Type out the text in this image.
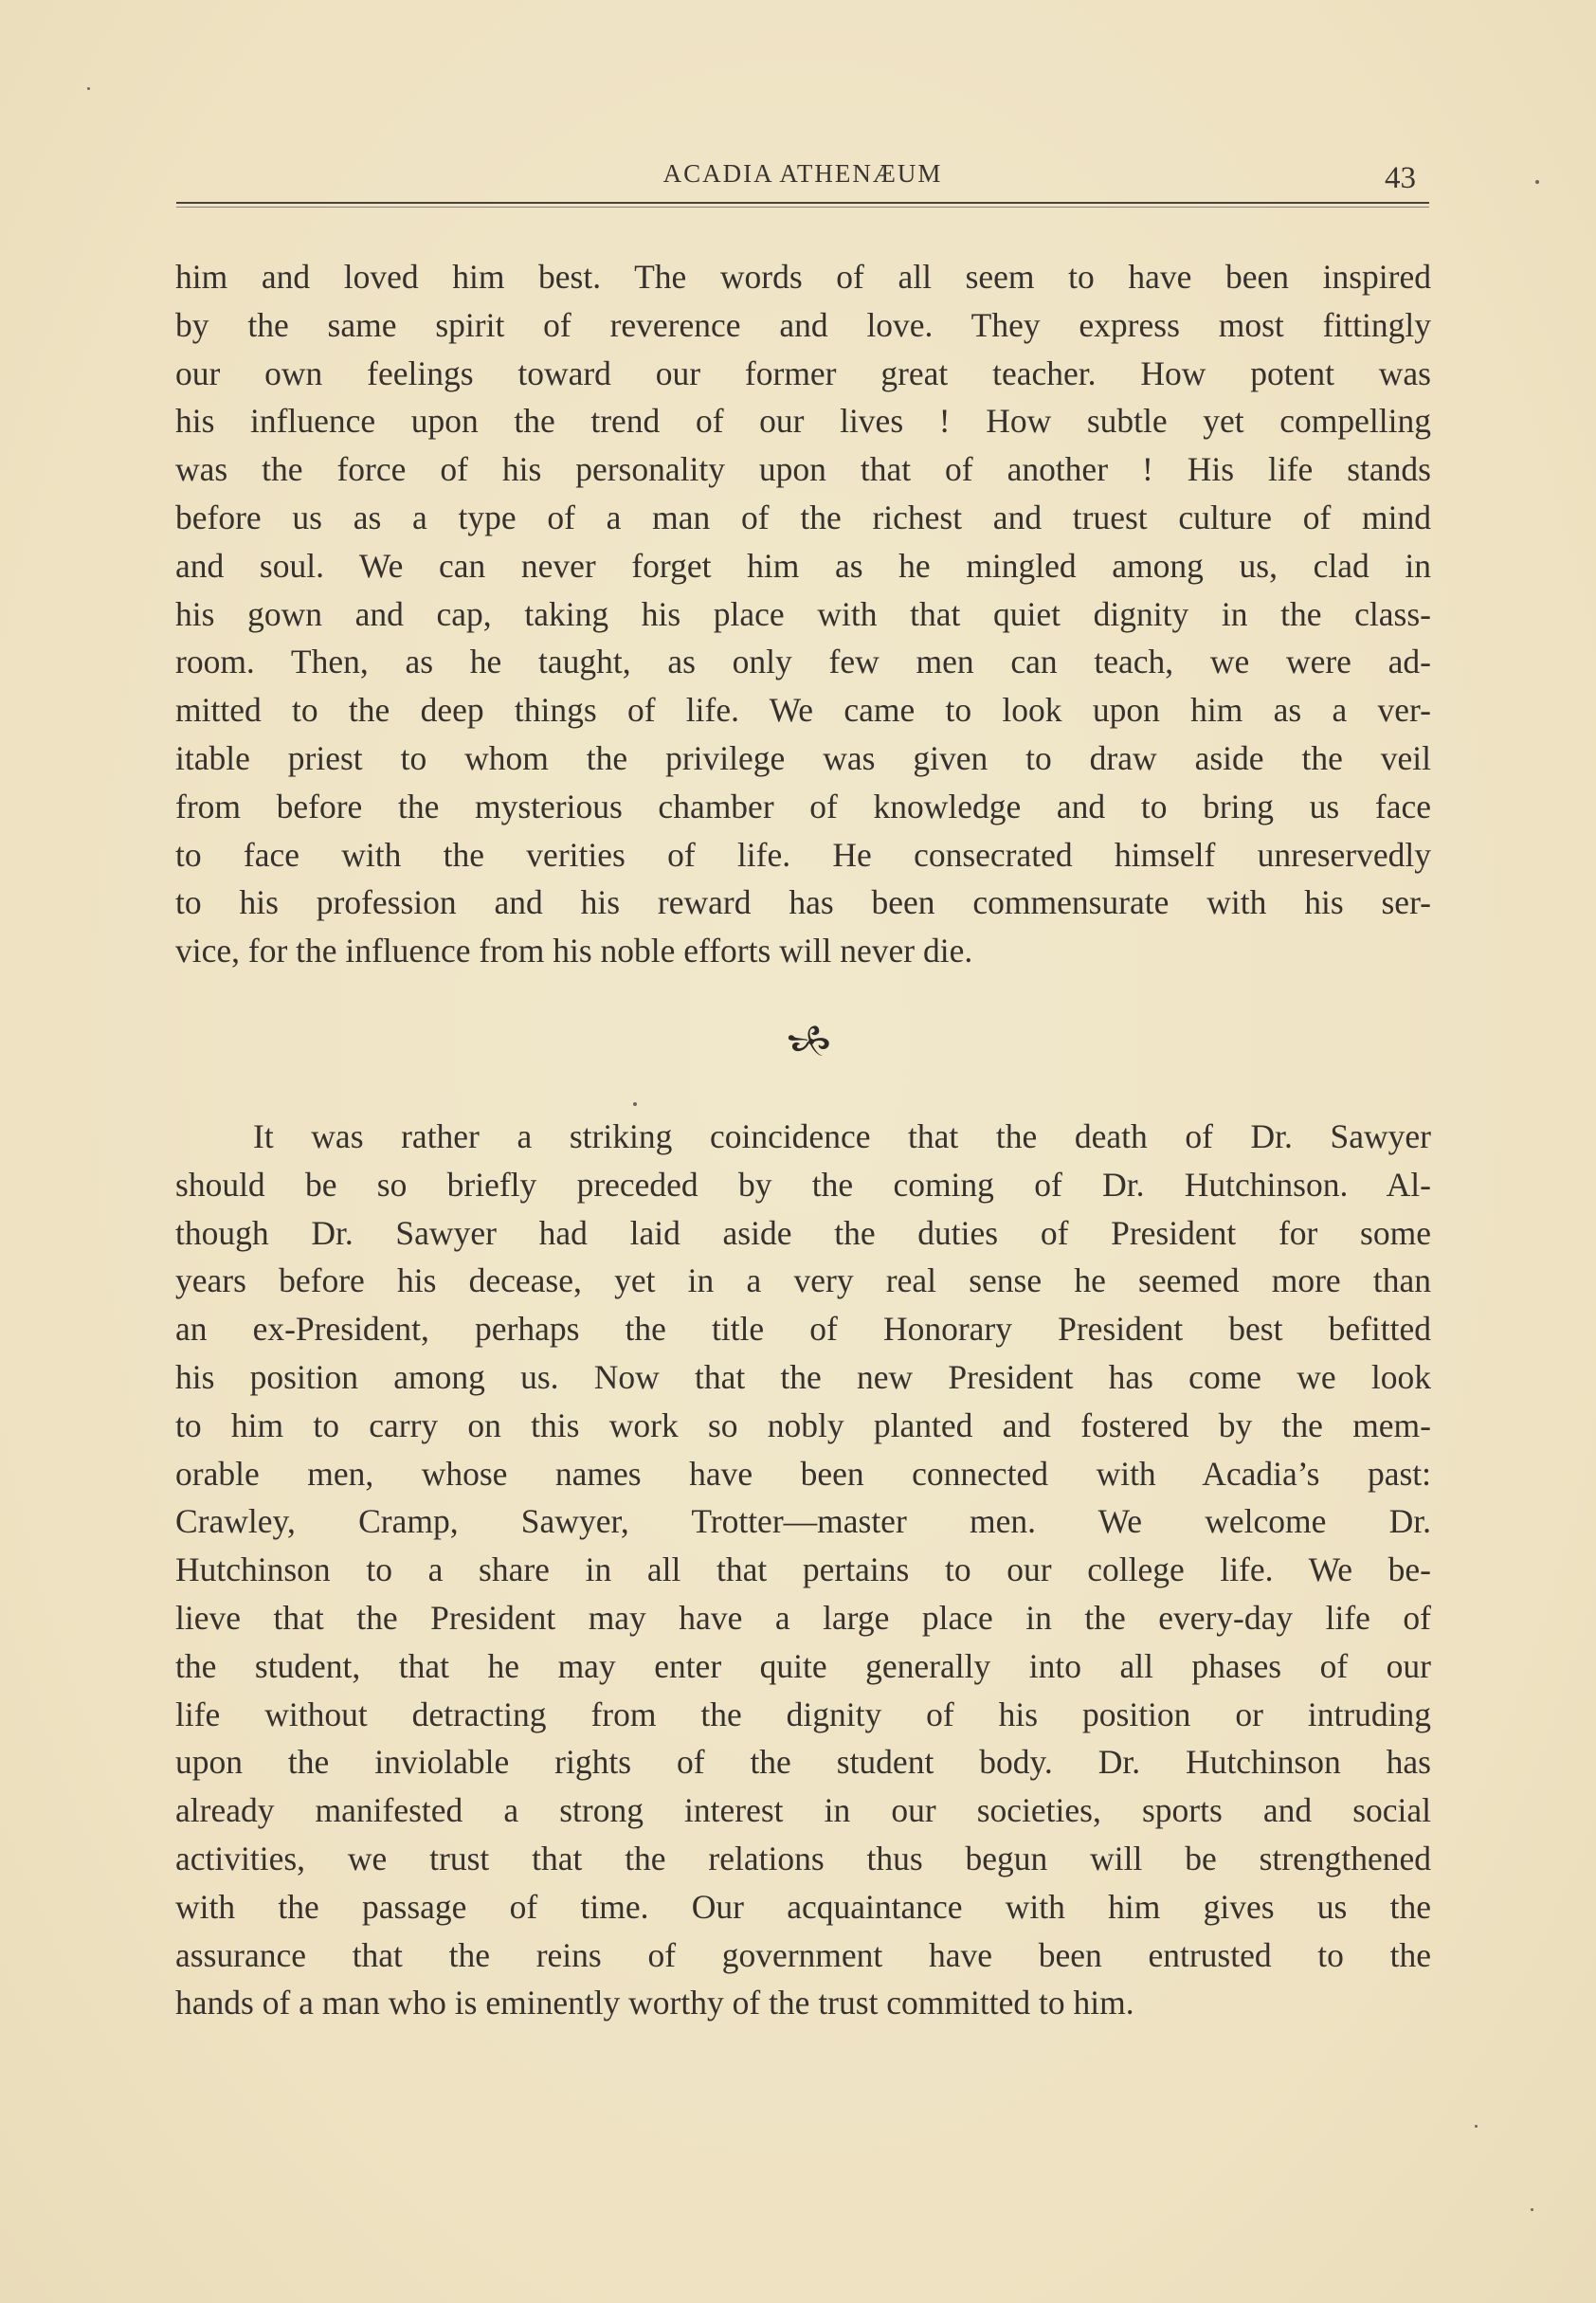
ACADIA ATHENÆUM	43
him and loved him best. The words of all seem to have been inspired
by the same spirit of reverence and love. They express most fittingly
our own feelings toward our former great teacher. How potent was
his influence upon the trend of our lives ! How subtle yet compelling
was the force of his personality upon that of another ! His life stands
before us as a type of a man of the richest and truest culture of mind
and soul. We can never forget him as he mingled among us, clad in
his gown and cap, taking his place with that quiet dignity in the class-
room. Then, as he taught, as only few men can teach, we were ad-
mitted to the deep things of life. We came to look upon him as a ver-
itable priest to whom the privilege was given to draw aside the veil
from before the mysterious chamber of knowledge and to bring us face
to face with the verities of life. He consecrated himself unreservedly
to his profession and his reward has been commensurate with his ser-
vice, for the influence from his noble efforts will never die.
It was rather a striking coincidence that the death of Dr. Sawyer
should be so briefly preceded by the coming of Dr. Hutchinson. Al-
though Dr. Sawyer had laid aside the duties of President for some
years before his decease, yet in a very real sense he seemed more than
an ex-President, perhaps the title of Honorary President best befitted
his position among us. Now that the new President has come we look
to him to carry on this work so nobly planted and fostered by the mem-
orable men, whose names have been connected with Acadia’s past:
Crawley, Cramp, Sawyer, Trotter—master men. We welcome Dr.
Hutchinson to a share in all that pertains to our college life. We be-
lieve that the President may have a large place in the every-day life of
the student, that he may enter quite generally into all phases of our
life without detracting from the dignity of his position or intruding
upon the inviolable rights of the student body. Dr. Hutchinson has
already manifested a strong interest in our societies, sports and social
activities, we trust that the relations thus begun will be strengthened
with the passage of time. Our acquaintance with him gives us the
assurance that the reins of government have been entrusted to the
hands of a man who is eminently worthy of the trust committed to him.
